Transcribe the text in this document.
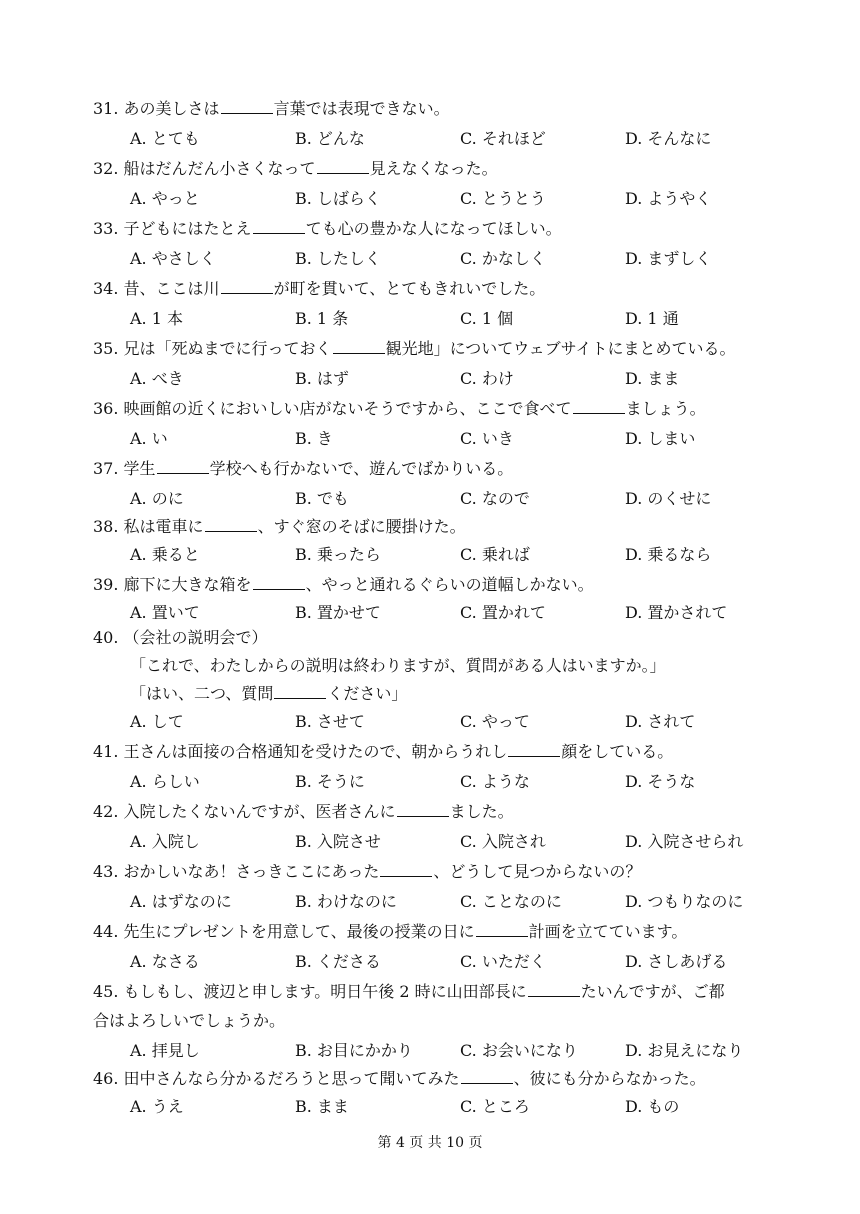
31. あの美しさは	言葉では表現できない。
A. とても	B. どんな	C. それほど	D. そんなに
32. 船はだんだん小さくなって	見えなくなった。
A. やっと	B. しばらく	C. とうとう	D. ようやく
33. 子どもにはたとえ	ても心の豊かな人になってほしい。
A. やさしく	B. したしく	C. かなしく	D. まずしく
34. 昔、ここは川	が町を貫いて、とてもきれいでした。
A. 1 本	B. 1 条	C. 1 個	D. 1 通
35. 兄は「死ぬまでに行っておく	観光地」についてウェブサイトにまとめている。
A. べき	B. はず	C. わけ	D. まま
36. 映画館の近くにおいしい店がないそうですから、ここで食べて	ましょう。
A. い	B. き	C. いき	D. しまい
37. 学生	学校へも行かないで、遊んでばかりいる。
A. のに	B. でも	C. なので	D. のくせに
38. 私は電車に	、すぐ窓のそばに腰掛けた。
A. 乗ると	B. 乗ったら	C. 乗れば	D. 乗るなら
39. 廊下に大きな箱を	、やっと通れるぐらいの道幅しかない。
A. 置いて	B. 置かせて	C. 置かれて	D. 置かされて
40. （会社の説明会で）
「これで、わたしからの説明は終わりますが、質問がある人はいますか。」
「はい、二つ、質問	ください」
A. して	B. させて	C. やって	D. されて
41. 王さんは面接の合格通知を受けたので、朝からうれし	顔をしている。
A. らしい	B. そうに	C. ような	D. そうな
42. 入院したくないんですが、医者さんに	ました。
A. 入院し	B. 入院させ	C. 入院され	D. 入院させられ
43. おかしいなあ！さっきここにあった	、どうして見つからないの？
A. はずなのに	B. わけなのに	C. ことなのに	D. つもりなのに
44. 先生にプレゼントを用意して、最後の授業の日に	計画を立てています。
A. なさる	B. くださる	C. いただく	D. さしあげる
45. もしもし、渡辺と申します。明日午後 2 時に山田部長に	たいんですが、ご都
合はよろしいでしょうか。
A. 拝見し	B. お目にかかり	C. お会いになり	D. お見えになり
46. 田中さんなら分かるだろうと思って聞いてみた	、彼にも分からなかった。
A. うえ	B. まま	C. ところ	D. もの
第 4 页 共 10 页
